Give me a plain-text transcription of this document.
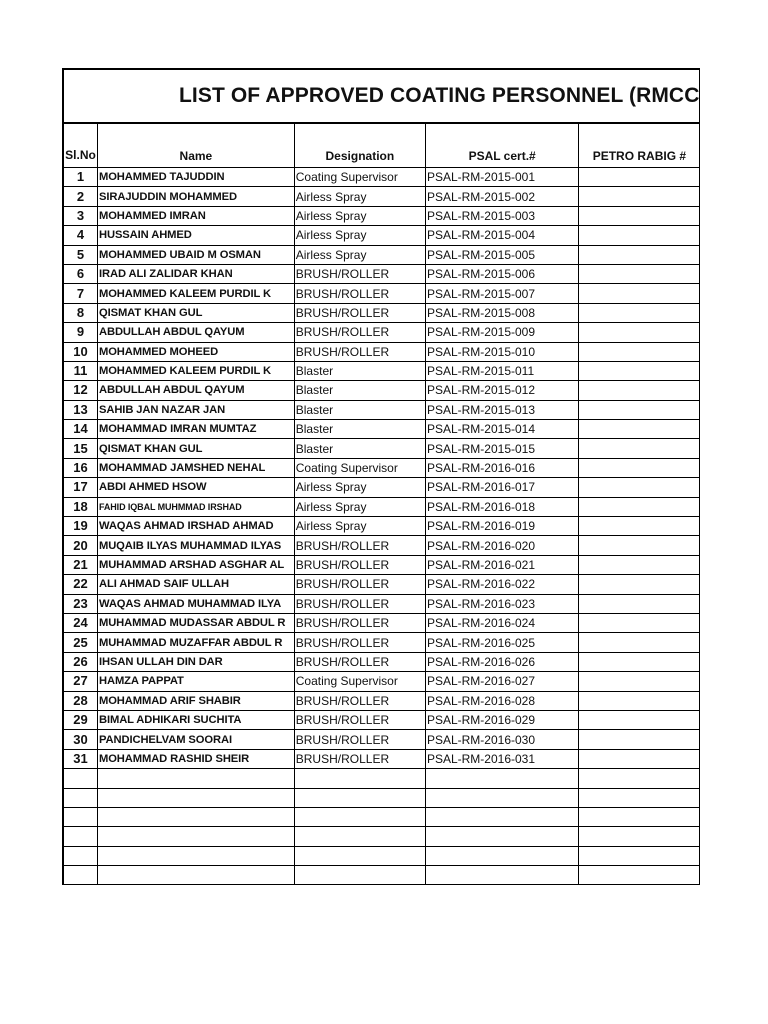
LIST OF APPROVED COATING PERSONNEL (RMCC				

Sl.No	Name	Designation	PSAL cert.#	PETRO RABIG #
1	MOHAMMED TAJUDDIN	Coating Supervisor	PSAL-RM-2015-001	
2	SIRAJUDDIN MOHAMMED	Airless Spray	PSAL-RM-2015-002	
3	MOHAMMED IMRAN	Airless Spray	PSAL-RM-2015-003	
4	HUSSAIN AHMED	Airless Spray	PSAL-RM-2015-004	
5	MOHAMMED UBAID M OSMAN	Airless Spray	PSAL-RM-2015-005	
6	IRAD ALI ZALIDAR KHAN	BRUSH/ROLLER	PSAL-RM-2015-006	
7	MOHAMMED KALEEM PURDIL K	BRUSH/ROLLER	PSAL-RM-2015-007	
8	QISMAT KHAN GUL	BRUSH/ROLLER	PSAL-RM-2015-008	
9	ABDULLAH ABDUL QAYUM	BRUSH/ROLLER	PSAL-RM-2015-009	
10	MOHAMMED MOHEED	BRUSH/ROLLER	PSAL-RM-2015-010	
11	MOHAMMED KALEEM PURDIL K	Blaster	PSAL-RM-2015-011	
12	ABDULLAH ABDUL QAYUM	Blaster	PSAL-RM-2015-012	
13	SAHIB JAN NAZAR JAN	Blaster	PSAL-RM-2015-013	
14	MOHAMMAD IMRAN MUMTAZ	Blaster	PSAL-RM-2015-014	
15	QISMAT KHAN GUL	Blaster	PSAL-RM-2015-015	
16	MOHAMMAD JAMSHED NEHAL	Coating Supervisor	PSAL-RM-2016-016	
17	ABDI AHMED HSOW	Airless Spray	PSAL-RM-2016-017	
18	FAHID IQBAL MUHMMAD IRSHAD	Airless Spray	PSAL-RM-2016-018	
19	WAQAS AHMAD IRSHAD AHMAD	Airless Spray	PSAL-RM-2016-019	
20	MUQAIB ILYAS MUHAMMAD ILYAS	BRUSH/ROLLER	PSAL-RM-2016-020	
21	MUHAMMAD ARSHAD ASGHAR AL	BRUSH/ROLLER	PSAL-RM-2016-021	
22	ALI AHMAD SAIF ULLAH	BRUSH/ROLLER	PSAL-RM-2016-022	
23	WAQAS AHMAD MUHAMMAD ILYA	BRUSH/ROLLER	PSAL-RM-2016-023	
24	MUHAMMAD MUDASSAR ABDUL R	BRUSH/ROLLER	PSAL-RM-2016-024	
25	MUHAMMAD MUZAFFAR ABDUL R	BRUSH/ROLLER	PSAL-RM-2016-025	
26	IHSAN ULLAH DIN DAR	BRUSH/ROLLER	PSAL-RM-2016-026	
27	HAMZA PAPPAT	Coating Supervisor	PSAL-RM-2016-027	
28	MOHAMMAD ARIF SHABIR	BRUSH/ROLLER	PSAL-RM-2016-028	
29	BIMAL ADHIKARI SUCHITA	BRUSH/ROLLER	PSAL-RM-2016-029	
30	PANDICHELVAM SOORAI	BRUSH/ROLLER	PSAL-RM-2016-030	
31	MOHAMMAD RASHID SHEIR	BRUSH/ROLLER	PSAL-RM-2016-031	
